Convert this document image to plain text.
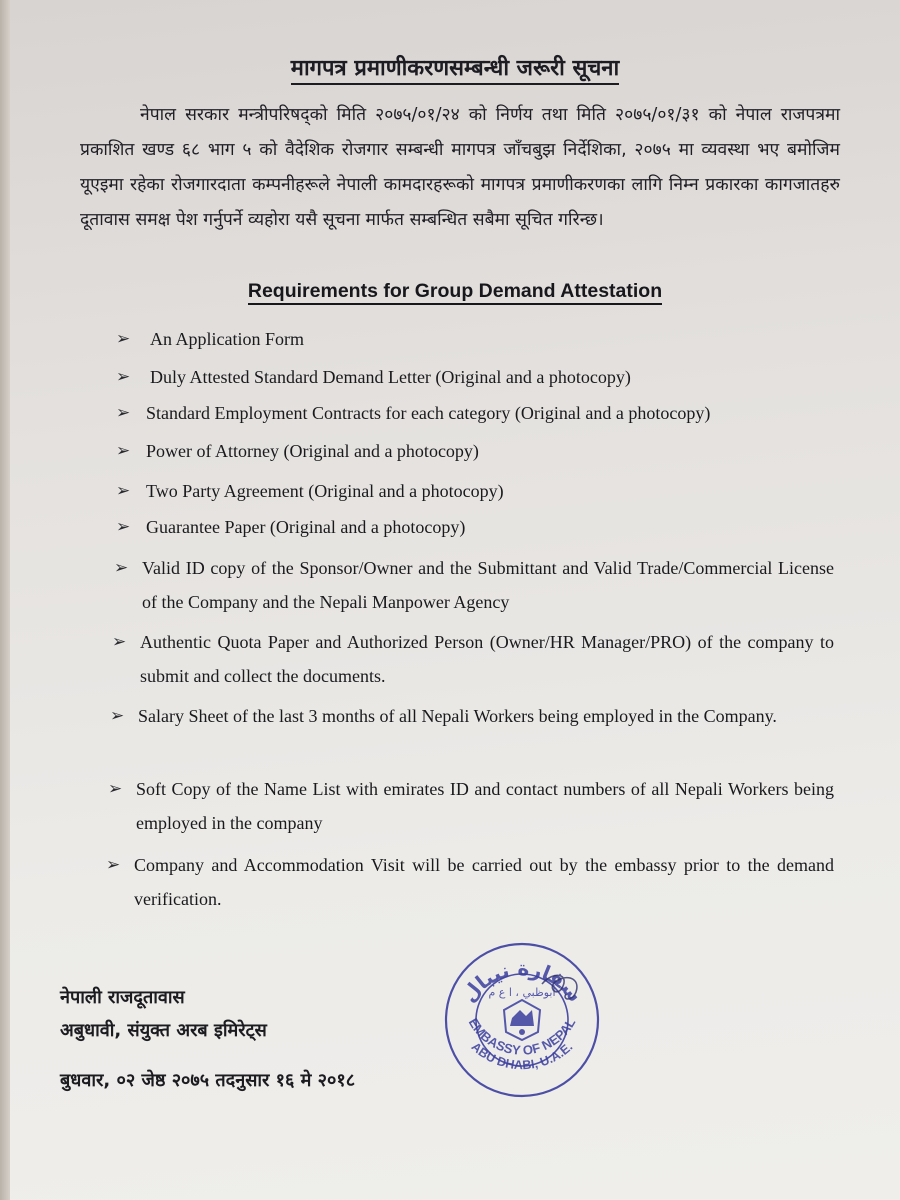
मागपत्र प्रमाणीकरणसम्बन्धी जरूरी सूचना
नेपाल सरकार मन्त्रीपरिषद्को मिति २०७५/०१/२४ को निर्णय तथा मिति २०७५/०१/३१ को नेपाल राजपत्रमा प्रकाशित खण्ड ६८ भाग ५ को वैदेशिक रोजगार सम्बन्धी मागपत्र जाँचबुझ निर्देशिका, २०७५ मा व्यवस्था भए बमोजिम यूएइमा रहेका रोजगारदाता कम्पनीहरूले नेपाली कामदारहरूको मागपत्र प्रमाणीकरणका लागि निम्न प्रकारका कागजातहरु दूतावास समक्ष पेश गर्नुपर्ने व्यहोरा यसै सूचना मार्फत सम्बन्धित सबैमा सूचित गरिन्छ।
Requirements for Group Demand Attestation
➢	An Application Form
➢	Duly Attested Standard Demand Letter (Original and a photocopy)
➢ Standard Employment Contracts for each category (Original and a photocopy)
➢ Power of Attorney (Original and a photocopy)
➢ Two Party Agreement (Original and a photocopy)
➢ Guarantee Paper (Original and a photocopy)
➢ Valid ID copy of the Sponsor/Owner and the Submittant and Valid Trade/Commercial License of the Company and the Nepali Manpower Agency
➢ Authentic Quota Paper and Authorized Person (Owner/HR Manager/PRO) of the company to submit and collect the documents.
➢ Salary Sheet of the last 3 months of all Nepali Workers being employed in the Company.
➢ Soft Copy of the Name List with emirates ID and contact numbers of all Nepali Workers being employed in the company
➢ Company and Accommodation Visit will be carried out by the embassy prior to the demand verification.
नेपाली राजदूतावास
अबुधावी, संयुक्त अरब इमिरेट्स
बुधवार, ०२ जेष्ठ २०७५ तदनुसार १६ मे २०१८
سفارة نيبال
أبوظبي ، ا ع م
EMBASSY OF NEPAL
ABU DHABI, U.A.E.
